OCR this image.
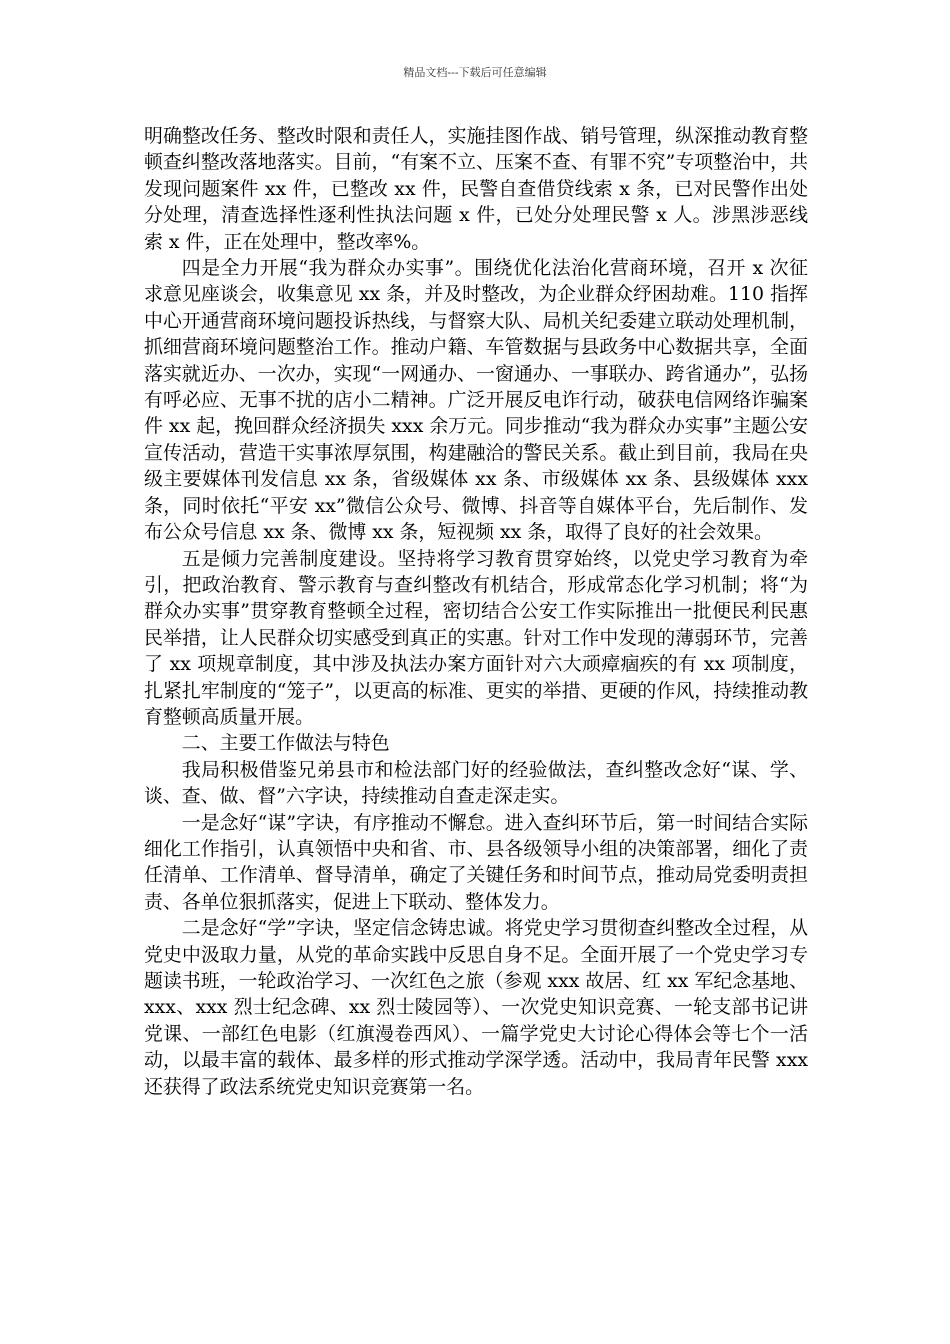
精品文档---下载后可任意编辑

明确整改任务、整改时限和责任人，实施挂图作战、销号管理，纵深推动教育整顿查纠整改落地落实。目前，“有案不立、压案不查、有罪不究”专项整治中，共发现问题案件 xx 件，已整改 xx 件，民警自查借贷线索 x 条，已对民警作出处分处理，清查选择性逐利性执法问题 x 件，已处分处理民警 x 人。涉黑涉恶线索 x 件，正在处理中，整改率%。

四是全力开展“我为群众办实事”。围绕优化法治化营商环境，召开 x 次征求意见座谈会，收集意见 xx 条，并及时整改，为企业群众纾困劫难。110 指挥中心开通营商环境问题投诉热线，与督察大队、局机关纪委建立联动处理机制，抓细营商环境问题整治工作。推动户籍、车管数据与县政务中心数据共享，全面落实就近办、一次办，实现“一网通办、一窗通办、一事联办、跨省通办”，弘扬有呼必应、无事不扰的店小二精神。广泛开展反电诈行动，破获电信网络诈骗案件 xx 起，挽回群众经济损失 xxx 余万元。同步推动“我为群众办实事”主题公安宣传活动，营造干实事浓厚氛围，构建融洽的警民关系。截止到目前，我局在央级主要媒体刊发信息 xx 条，省级媒体 xx 条、市级媒体 xx 条、县级媒体 xxx 条，同时依托“平安 xx”微信公众号、微博、抖音等自媒体平台，先后制作、发布公众号信息 xx 条、微博 xx 条，短视频 xx 条，取得了良好的社会效果。

五是倾力完善制度建设。坚持将学习教育贯穿始终，以党史学习教育为牵引，把政治教育、警示教育与查纠整改有机结合，形成常态化学习机制；将“为群众办实事”贯穿教育整顿全过程，密切结合公安工作实际推出一批便民利民惠民举措，让人民群众切实感受到真正的实惠。针对工作中发现的薄弱环节，完善了 xx 项规章制度，其中涉及执法办案方面针对六大顽瘴痼疾的有 xx 项制度，扎紧扎牢制度的“笼子”，以更高的标准、更实的举措、更硬的作风，持续推动教育整顿高质量开展。

二、主要工作做法与特色

我局积极借鉴兄弟县市和检法部门好的经验做法，查纠整改念好“谋、学、谈、查、做、督”六字诀，持续推动自查走深走实。

一是念好“谋”字诀，有序推动不懈怠。进入查纠环节后，第一时间结合实际细化工作指引，认真领悟中央和省、市、县各级领导小组的决策部署，细化了责任清单、工作清单、督导清单，确定了关键任务和时间节点，推动局党委明责担责、各单位狠抓落实，促进上下联动、整体发力。

二是念好“学”字诀，坚定信念铸忠诚。将党史学习贯彻查纠整改全过程，从党史中汲取力量，从党的革命实践中反思自身不足。全面开展了一个党史学习专题读书班，一轮政治学习、一次红色之旅（参观 xxx 故居、红 xx 军纪念基地、xxx、xxx 烈士纪念碑、xx 烈士陵园等）、一次党史知识竞赛、一轮支部书记讲党课、一部红色电影（红旗漫卷西风）、一篇学党史大讨论心得体会等七个一活动，以最丰富的载体、最多样的形式推动学深学透。活动中，我局青年民警 xxx 还获得了政法系统党史知识竞赛第一名。
